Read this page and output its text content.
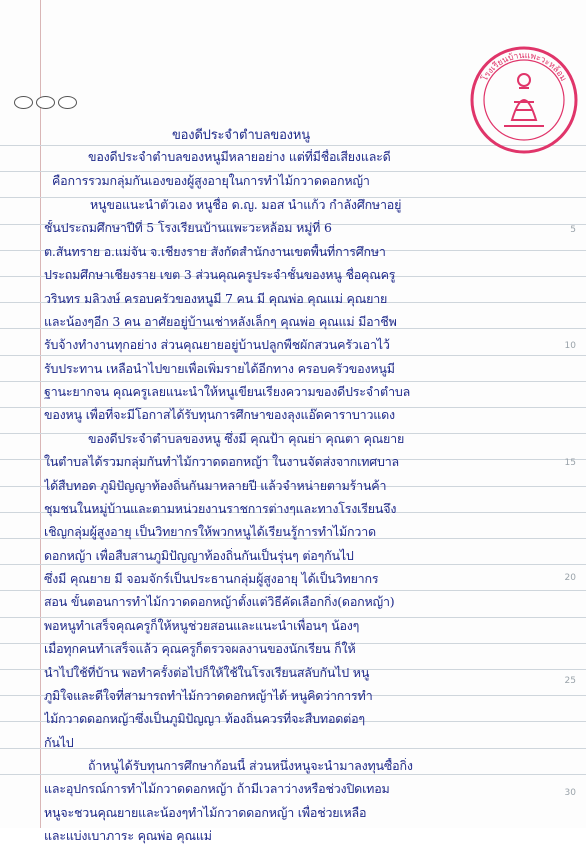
5
10
15
20
25
30
โรงเรียนบ้านแพะวะหล้อม
ของดีประจำตำบลของหนู
ของดีประจำตำบลของหนูมีหลายอย่าง แต่ที่มีชื่อเสียงและดี
คือการรวมกลุ่มกันเองของผู้สูงอายุในการทำไม้กวาดดอกหญ้า
หนูขอแนะนำตัวเอง หนูชื่อ ด.ญ. มอส นำแก้ว กำลังศึกษาอยู่
ชั้นประถมศึกษาปีที่ 5 โรงเรียนบ้านแพะวะหล้อม หมู่ที่ 6
ต.สันทราย อ.แม่จัน จ.เชียงราย สังกัดสำนักงานเขตพื้นที่การศึกษา
ประถมศึกษาเชียงราย เขต 3 ส่วนคุณครูประจำชั้นของหนู ชื่อคุณครู
วรินทร มลิวงษ์ ครอบครัวของหนูมี 7 คน มี คุณพ่อ คุณแม่ คุณยาย
และน้องๆอีก 3 คน อาศัยอยู่บ้านเช่าหลังเล็กๆ คุณพ่อ คุณแม่ มีอาชีพ
รับจ้างทำงานทุกอย่าง ส่วนคุณยายอยู่บ้านปลูกพืชผักสวนครัวเอาไว้
รับประทาน เหลือนำไปขายเพื่อเพิ่มรายได้อีกทาง ครอบครัวของหนูมี
ฐานะยากจน คุณครูเลยแนะนำให้หนูเขียนเรียงความของดีประจำตำบล
ของหนู เพื่อที่จะมีโอกาสได้รับทุนการศึกษาของลุงแอ๊ดคาราบาวแดง
ของดีประจำตำบลของหนู ซึ่งมี คุณป้า คุณย่า คุณตา คุณยาย
ในตำบลได้รวมกลุ่มกันทำไม้กวาดดอกหญ้า ในงานจัดส่งจากเทศบาล
ได้สืบทอด ภูมิปัญญาท้องถิ่นกันมาหลายปี แล้วจำหน่ายตามร้านค้า
ชุมชนในหมู่บ้านและตามหน่วยงานราชการต่างๆและทางโรงเรียนจึง
เชิญกลุ่มผู้สูงอายุ เป็นวิทยากรให้พวกหนูได้เรียนรู้การทำไม้กวาด
ดอกหญ้า เพื่อสืบสานภูมิปัญญาท้องถิ่นกันเป็นรุ่นๆ ต่อๆกันไป
ซึ่งมี คุณยาย มี จอมจักร์เป็นประธานกลุ่มผู้สูงอายุ ได้เป็นวิทยากร
สอน ขั้นตอนการทำไม้กวาดดอกหญ้าตั้งแต่วิธีคัดเลือกกิ่ง(ดอกหญ้า)
พอหนูทำเสร็จคุณครูก็ให้หนูช่วยสอนและแนะนำเพื่อนๆ น้องๆ
เมื่อทุกคนทำเสร็จแล้ว คุณครูก็ตรวจผลงานของนักเรียน ก็ให้
นำไปใช้ที่บ้าน พอทำครั้งต่อไปก็ให้ใช้ในโรงเรียนสลับกันไป หนู
ภูมิใจและดีใจที่สามารถทำไม้กวาดดอกหญ้าได้ หนูคิดว่าการทำ
ไม้กวาดดอกหญ้าซึ่งเป็นภูมิปัญญา ท้องถิ่นควรที่จะสืบทอดต่อๆ
กันไป
ถ้าหนูได้รับทุนการศึกษาก้อนนี้ ส่วนหนึ่งหนูจะนำมาลงทุนซื้อกิ่ง
และอุปกรณ์การทำไม้กวาดดอกหญ้า ถ้ามีเวลาว่างหรือช่วงปิดเทอม
หนูจะชวนคุณยายและน้องๆทำไม้กวาดดอกหญ้า เพื่อช่วยเหลือ
และแบ่งเบาภาระ คุณพ่อ คุณแม่
